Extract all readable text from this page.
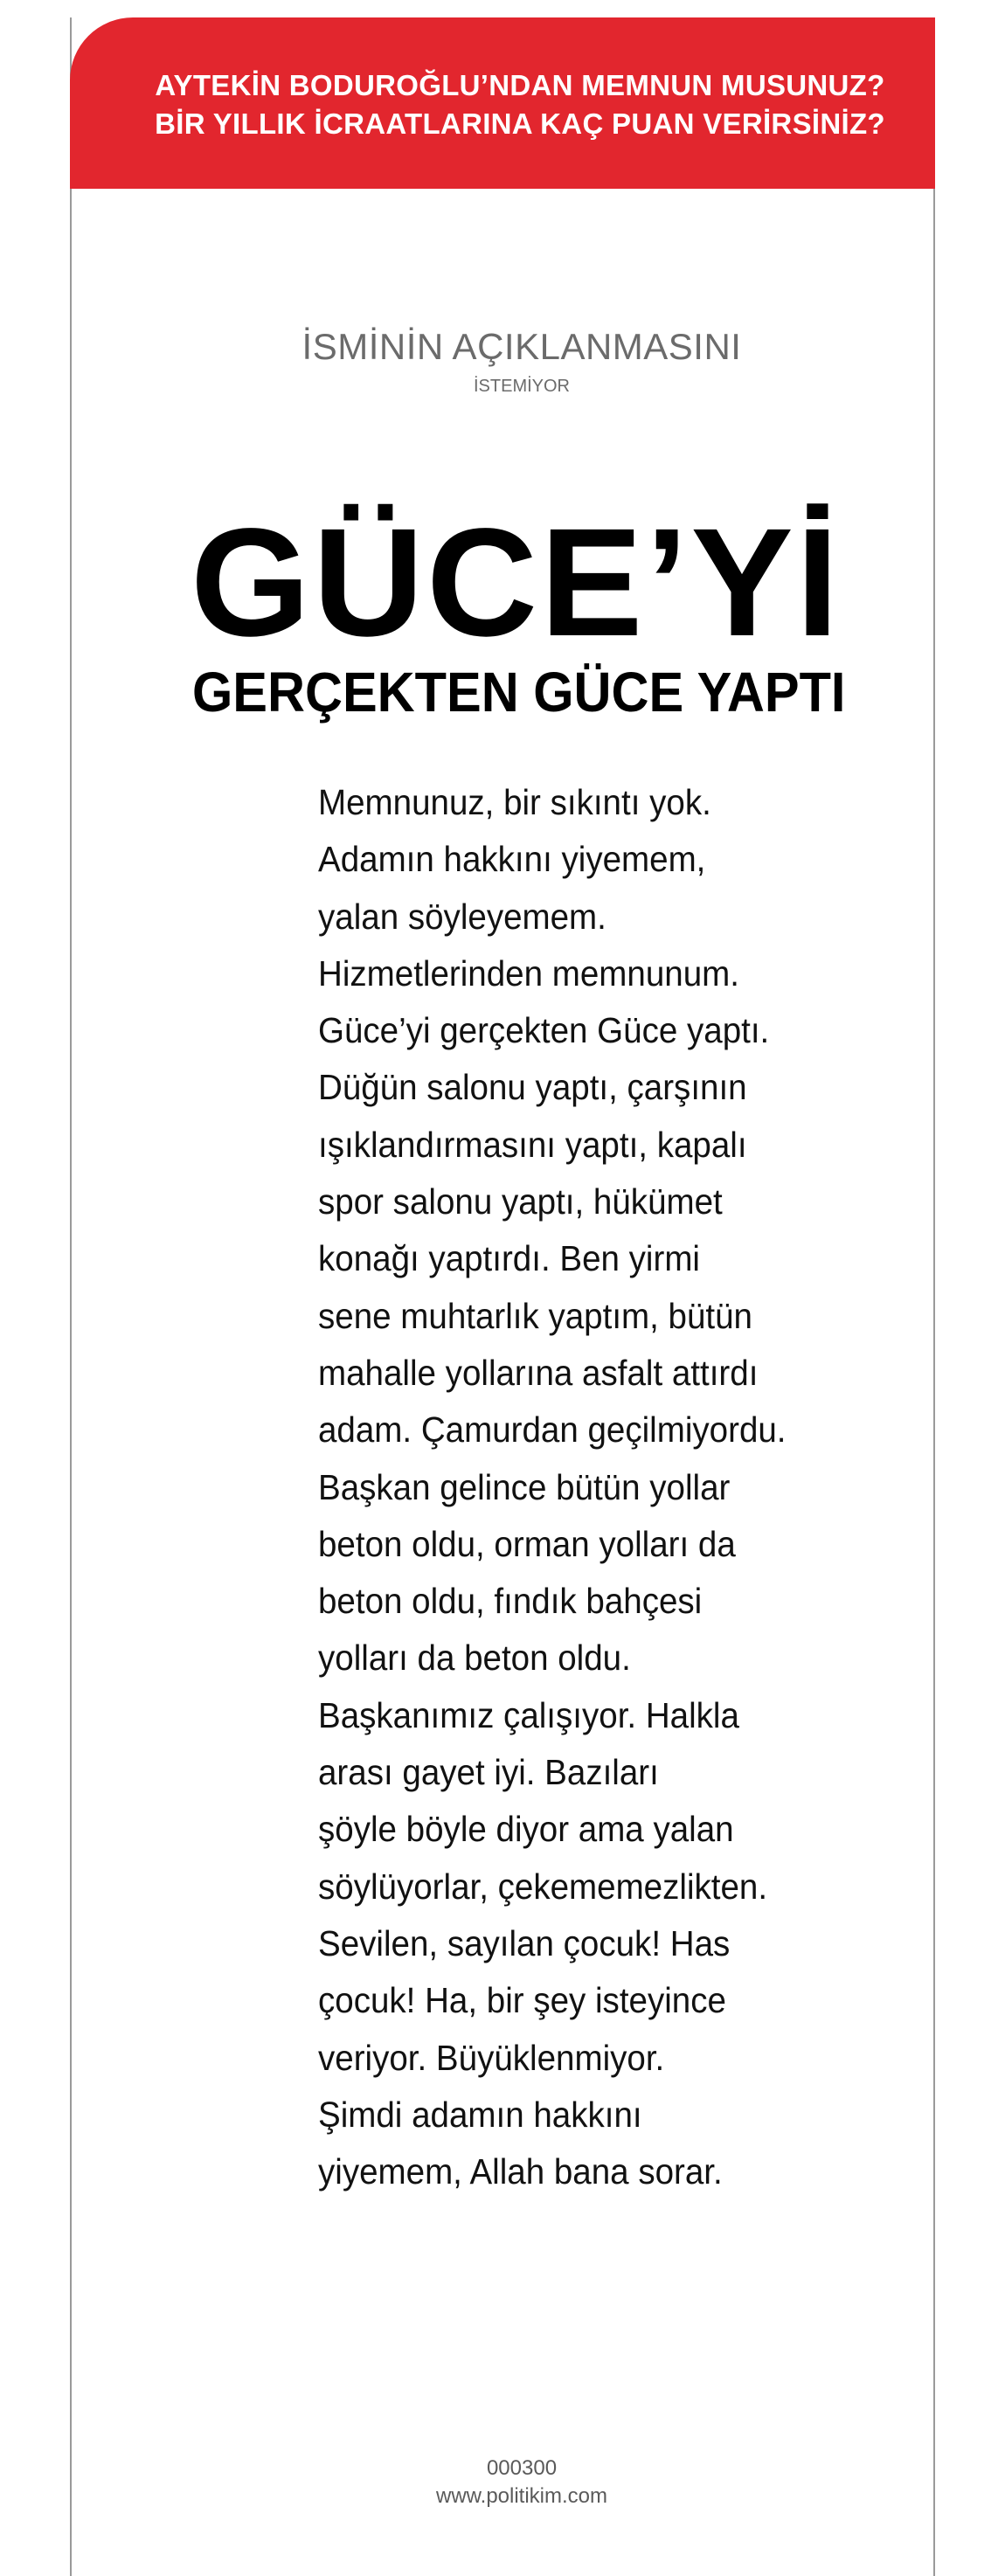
AYTEKİN BODUROĞLU’NDAN MEMNUN MUSUNUZ?
BİR YILLIK İCRAATLARINA KAÇ PUAN VERİRSİNİZ?
İSMİNİN AÇIKLANMASINI
İSTEMİYOR
GÜCE’Yİ
GERÇEKTEN GÜCE YAPTI
Memnunuz, bir sıkıntı yok.
Adamın hakkını yiyemem,
yalan söyleyemem.
Hizmetlerinden memnunum.
Güce’yi gerçekten Güce yaptı.
Düğün salonu yaptı, çarşının
ışıklandırmasını yaptı, kapalı
spor salonu yaptı, hükümet
konağı yaptırdı. Ben yirmi
sene muhtarlık yaptım, bütün
mahalle yollarına asfalt attırdı
adam. Çamurdan geçilmiyordu.
Başkan gelince bütün yollar
beton oldu, orman yolları da
beton oldu, fındık bahçesi
yolları da beton oldu.
Başkanımız çalışıyor. Halkla
arası gayet iyi. Bazıları
şöyle böyle diyor ama yalan
söylüyorlar, çekememezlikten.
Sevilen, sayılan çocuk! Has
çocuk! Ha, bir şey isteyince
veriyor. Büyüklenmiyor.
Şimdi adamın hakkını
yiyemem, Allah bana sorar.
000300
www.politikim.com
